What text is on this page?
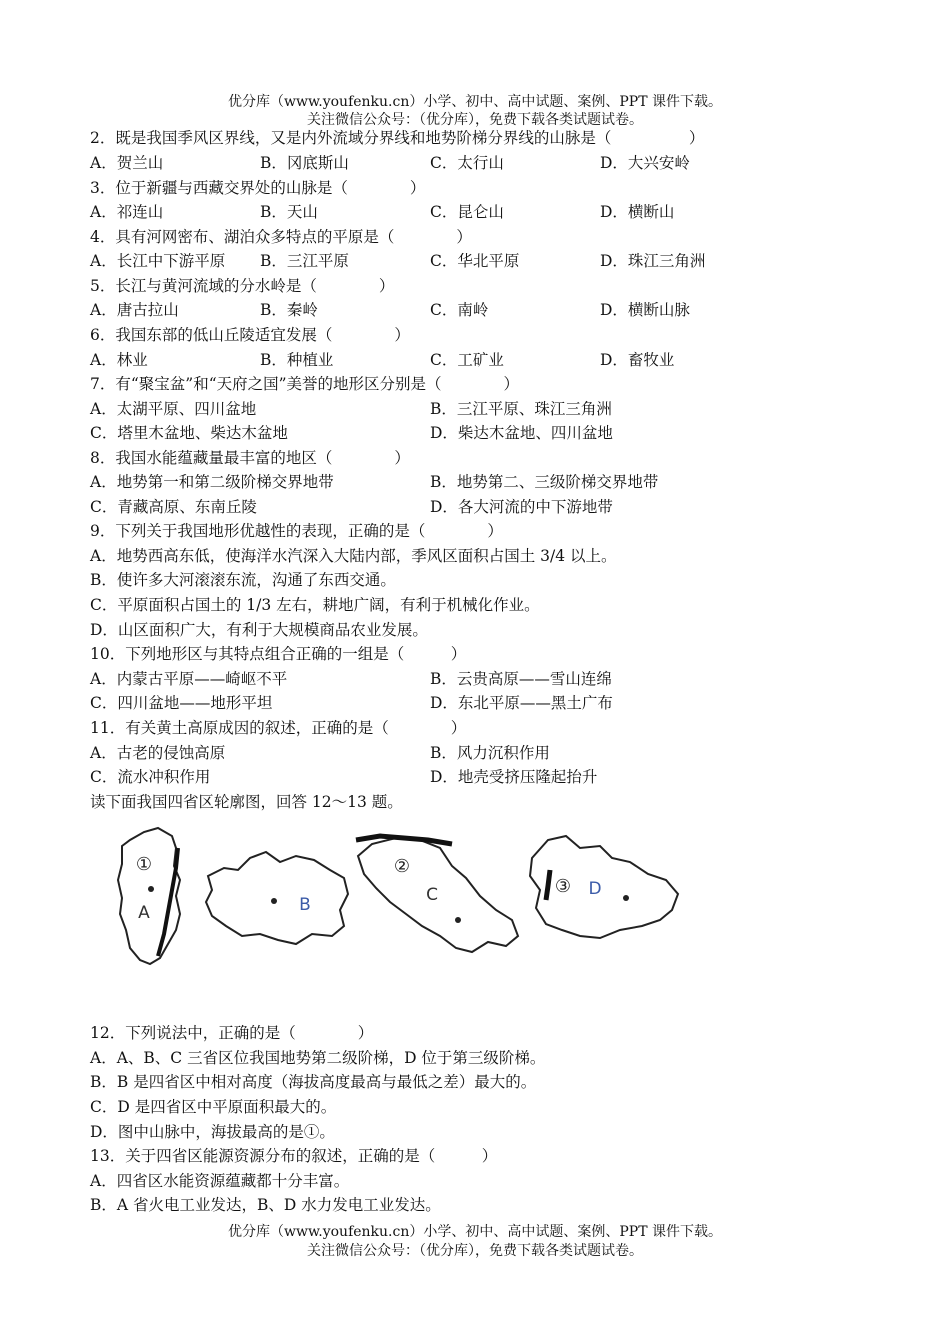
优分库（www.youfenku.cn）小学、初中、高中试题、案例、PPT 课件下载。
关注微信公众号：（优分库），免费下载各类试题试卷。
2．既是我国季风区界线，又是内外流域分界线和地势阶梯分界线的山脉是（　　　　　）
A．贺兰山	B．冈底斯山	C．太行山	D．大兴安岭
3．位于新疆与西藏交界处的山脉是（　　　　）
A．祁连山	B．天山	C．昆仑山	D．横断山
4．具有河网密布、湖泊众多特点的平原是（　　　　）
A．长江中下游平原 B．三江平原	C．华北平原	D．珠江三角洲
5．长江与黄河流域的分水岭是（　　　　）
A．唐古拉山	B．秦岭	C．南岭	D．横断山脉
6．我国东部的低山丘陵适宜发展（　　　　）
A．林业	B．种植业	C．工矿业	D．畜牧业
7．有“聚宝盆”和“天府之国”美誉的地形区分别是（　　　　）
A．太湖平原、四川盆地	B．三江平原、珠江三角洲
C．塔里木盆地、柴达木盆地	D．柴达木盆地、四川盆地
8．我国水能蕴藏量最丰富的地区（　　　　）
A．地势第一和第二级阶梯交界地带	B．地势第二、三级阶梯交界地带
C．青藏高原、东南丘陵	D．各大河流的中下游地带
9．下列关于我国地形优越性的表现，正确的是（　　　　）
A．地势西高东低，使海洋水汽深入大陆内部，季风区面积占国土 3/4 以上。
B．使许多大河滚滚东流，沟通了东西交通。
C．平原面积占国土的 1/3 左右，耕地广阔，有利于机械化作业。
D．山区面积广大，有利于大规模商品农业发展。
10．下列地形区与其特点组合正确的一组是（　　　）
A．内蒙古平原——崎岖不平	B．云贵高原——雪山连绵
C．四川盆地——地形平坦	D．东北平原——黑土广布
11．有关黄土高原成因的叙述，正确的是（　　　　）
A．古老的侵蚀高原	B．风力沉积作用
C．流水冲积作用	D．地壳受挤压隆起抬升
读下面我国四省区轮廓图，回答 12～13 题。
①
A	B
②
C	③ D
12．下列说法中，正确的是（　　　　）
A．A、B、C 三省区位我国地势第二级阶梯，D 位于第三级阶梯。
B．B 是四省区中相对高度（海拔高度最高与最低之差）最大的。
C．D 是四省区中平原面积最大的。
D．图中山脉中，海拔最高的是①。
13．关于四省区能源资源分布的叙述，正确的是（　　　）
A．四省区水能资源蕴藏都十分丰富。
B．A 省火电工业发达，B、D 水力发电工业发达。
优分库（www.youfenku.cn）小学、初中、高中试题、案例、PPT 课件下载。
关注微信公众号：（优分库），免费下载各类试题试卷。
